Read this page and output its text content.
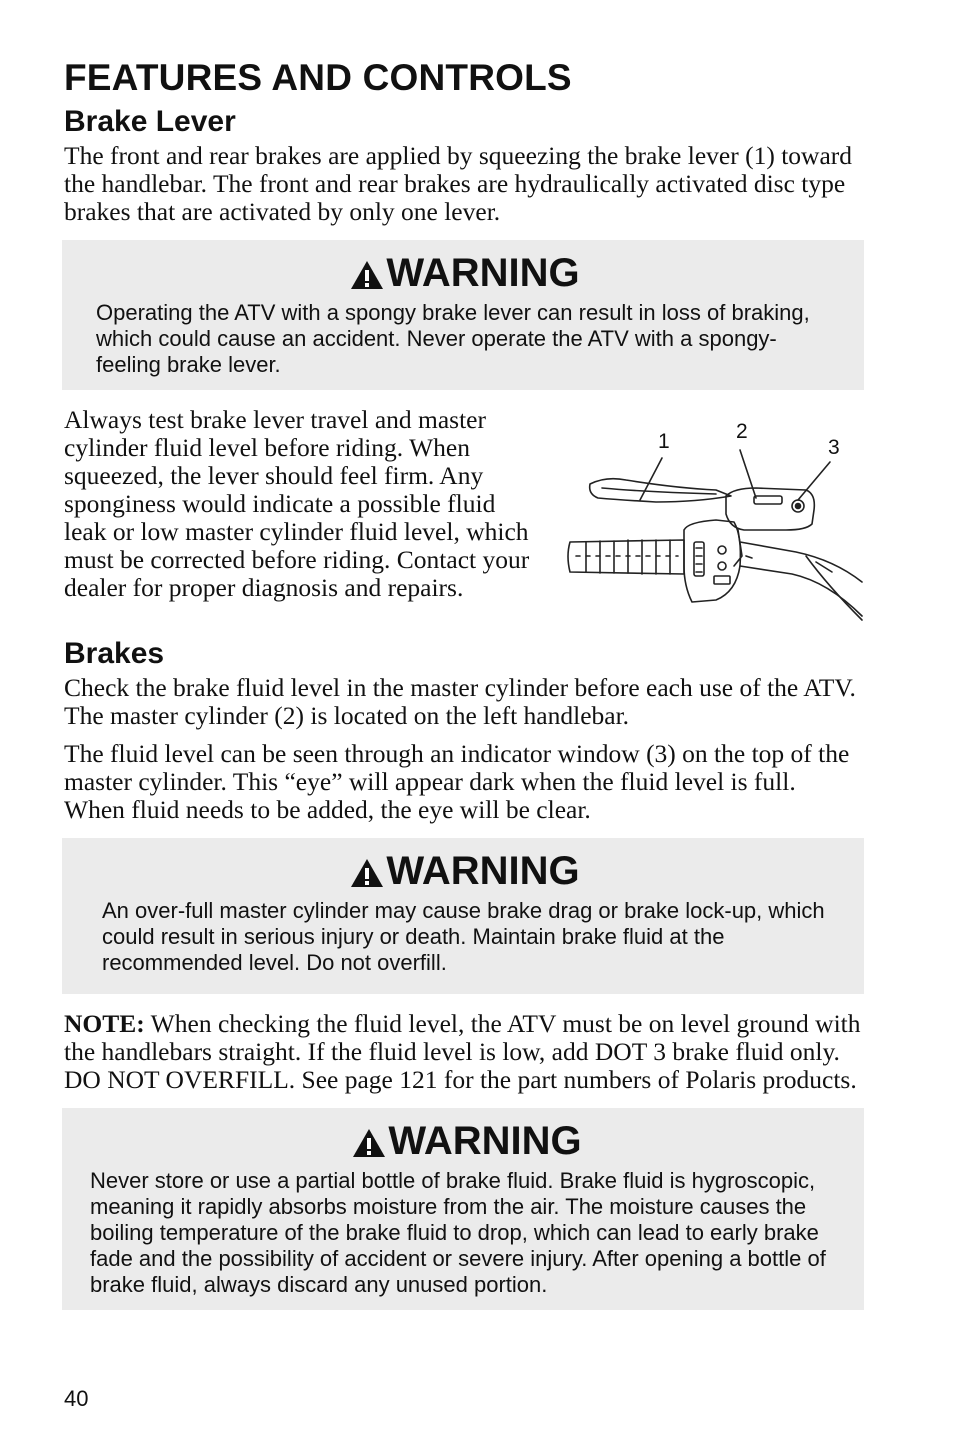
FEATURES AND CONTROLS
Brake Lever

The front and rear brakes are applied by squeezing the brake lever (1) toward the handlebar. The front and rear brakes are hydraulically activated disc type brakes that are activated by only one lever.

WARNING

Operating the ATV with a spongy brake lever can result in loss of braking, which could cause an accident. Never operate the ATV with a spongy-feeling brake lever.

Always test brake lever travel and master cylinder fluid level before riding. When squeezed, the lever should feel firm. Any sponginess would indicate a possible fluid leak or low master cylinder fluid level, which must be corrected before riding. Contact your dealer for proper diagnosis and repairs.

1	2
3
Brakes

Check the brake fluid level in the master cylinder before each use of the ATV. The master cylinder (2) is located on the left handlebar.

The fluid level can be seen through an indicator window (3) on the top of the master cylinder. This “eye” will appear dark when the fluid level is full. When fluid needs to be added, the eye will be clear.

WARNING

An over-full master cylinder may cause brake drag or brake lock-up, which could result in serious injury or death. Maintain brake fluid at the recommended level. Do not overfill.

NOTE: When checking the fluid level, the ATV must be on level ground with the handlebars straight. If the fluid level is low, add DOT 3 brake fluid only. DO NOT OVERFILL. See page 121 for the part numbers of Polaris products.

WARNING

Never store or use a partial bottle of brake fluid. Brake fluid is hygroscopic, meaning it rapidly absorbs moisture from the air. The moisture causes the boiling temperature of the brake fluid to drop, which can lead to early brake fade and the possibility of accident or severe injury. After opening a bottle of brake fluid, always discard any unused portion.

40
